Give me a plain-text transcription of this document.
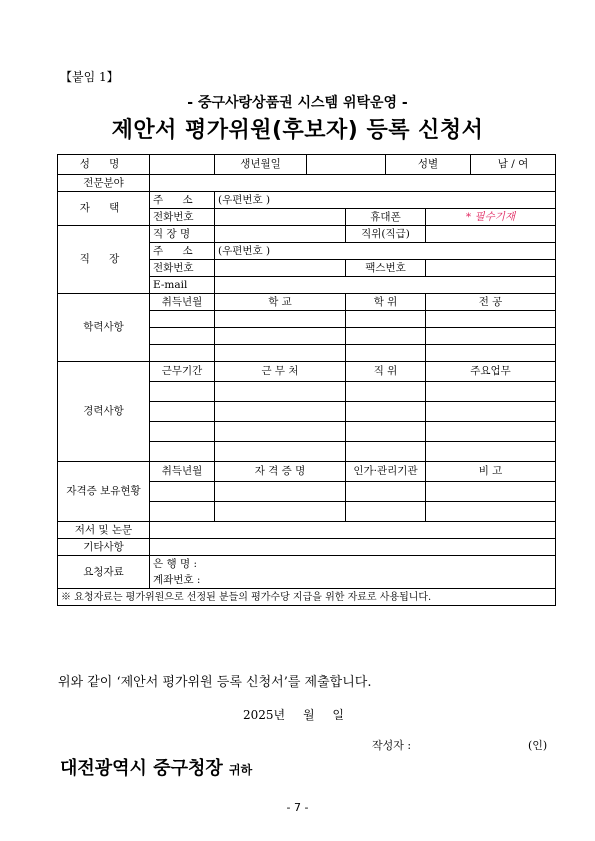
【붙임 1】
- 중구사랑상품권 시스템 위탁운영 -
제안서 평가위원(후보자) 등록 신청서
성 명		생년월일			성별		남 / 여
전문분야							
자 택	주 소	(우편번호 )					
	전화번호			휴대폰		* 필수기재	
직 장	직 장 명			직위(직급)			
	주 소	(우편번호 )					
	전화번호			팩스번호			
	E-mail						
학력사항	취득년월	학 교		학 위		전 공	

경력사항	근무기간	근 무 처		직 위		주요업무	

자격증 보유현황	취득년월	자 격 증 명		인가·관리기관		비 고	

저서 및 논문							
기타사항							
요청자료	은 행 명 :						
	계좌번호 :						
※ 요청자료는 평가위원으로 선정된 분들의 평가수당 지급을 위한 자료로 사용됩니다.							
위와 같이 ‘제안서 평가위원 등록 신청서’를 제출합니다.
2025년 월 일
작성자 :	(인)
대전광역시 중구청장 귀하
- 7 -
